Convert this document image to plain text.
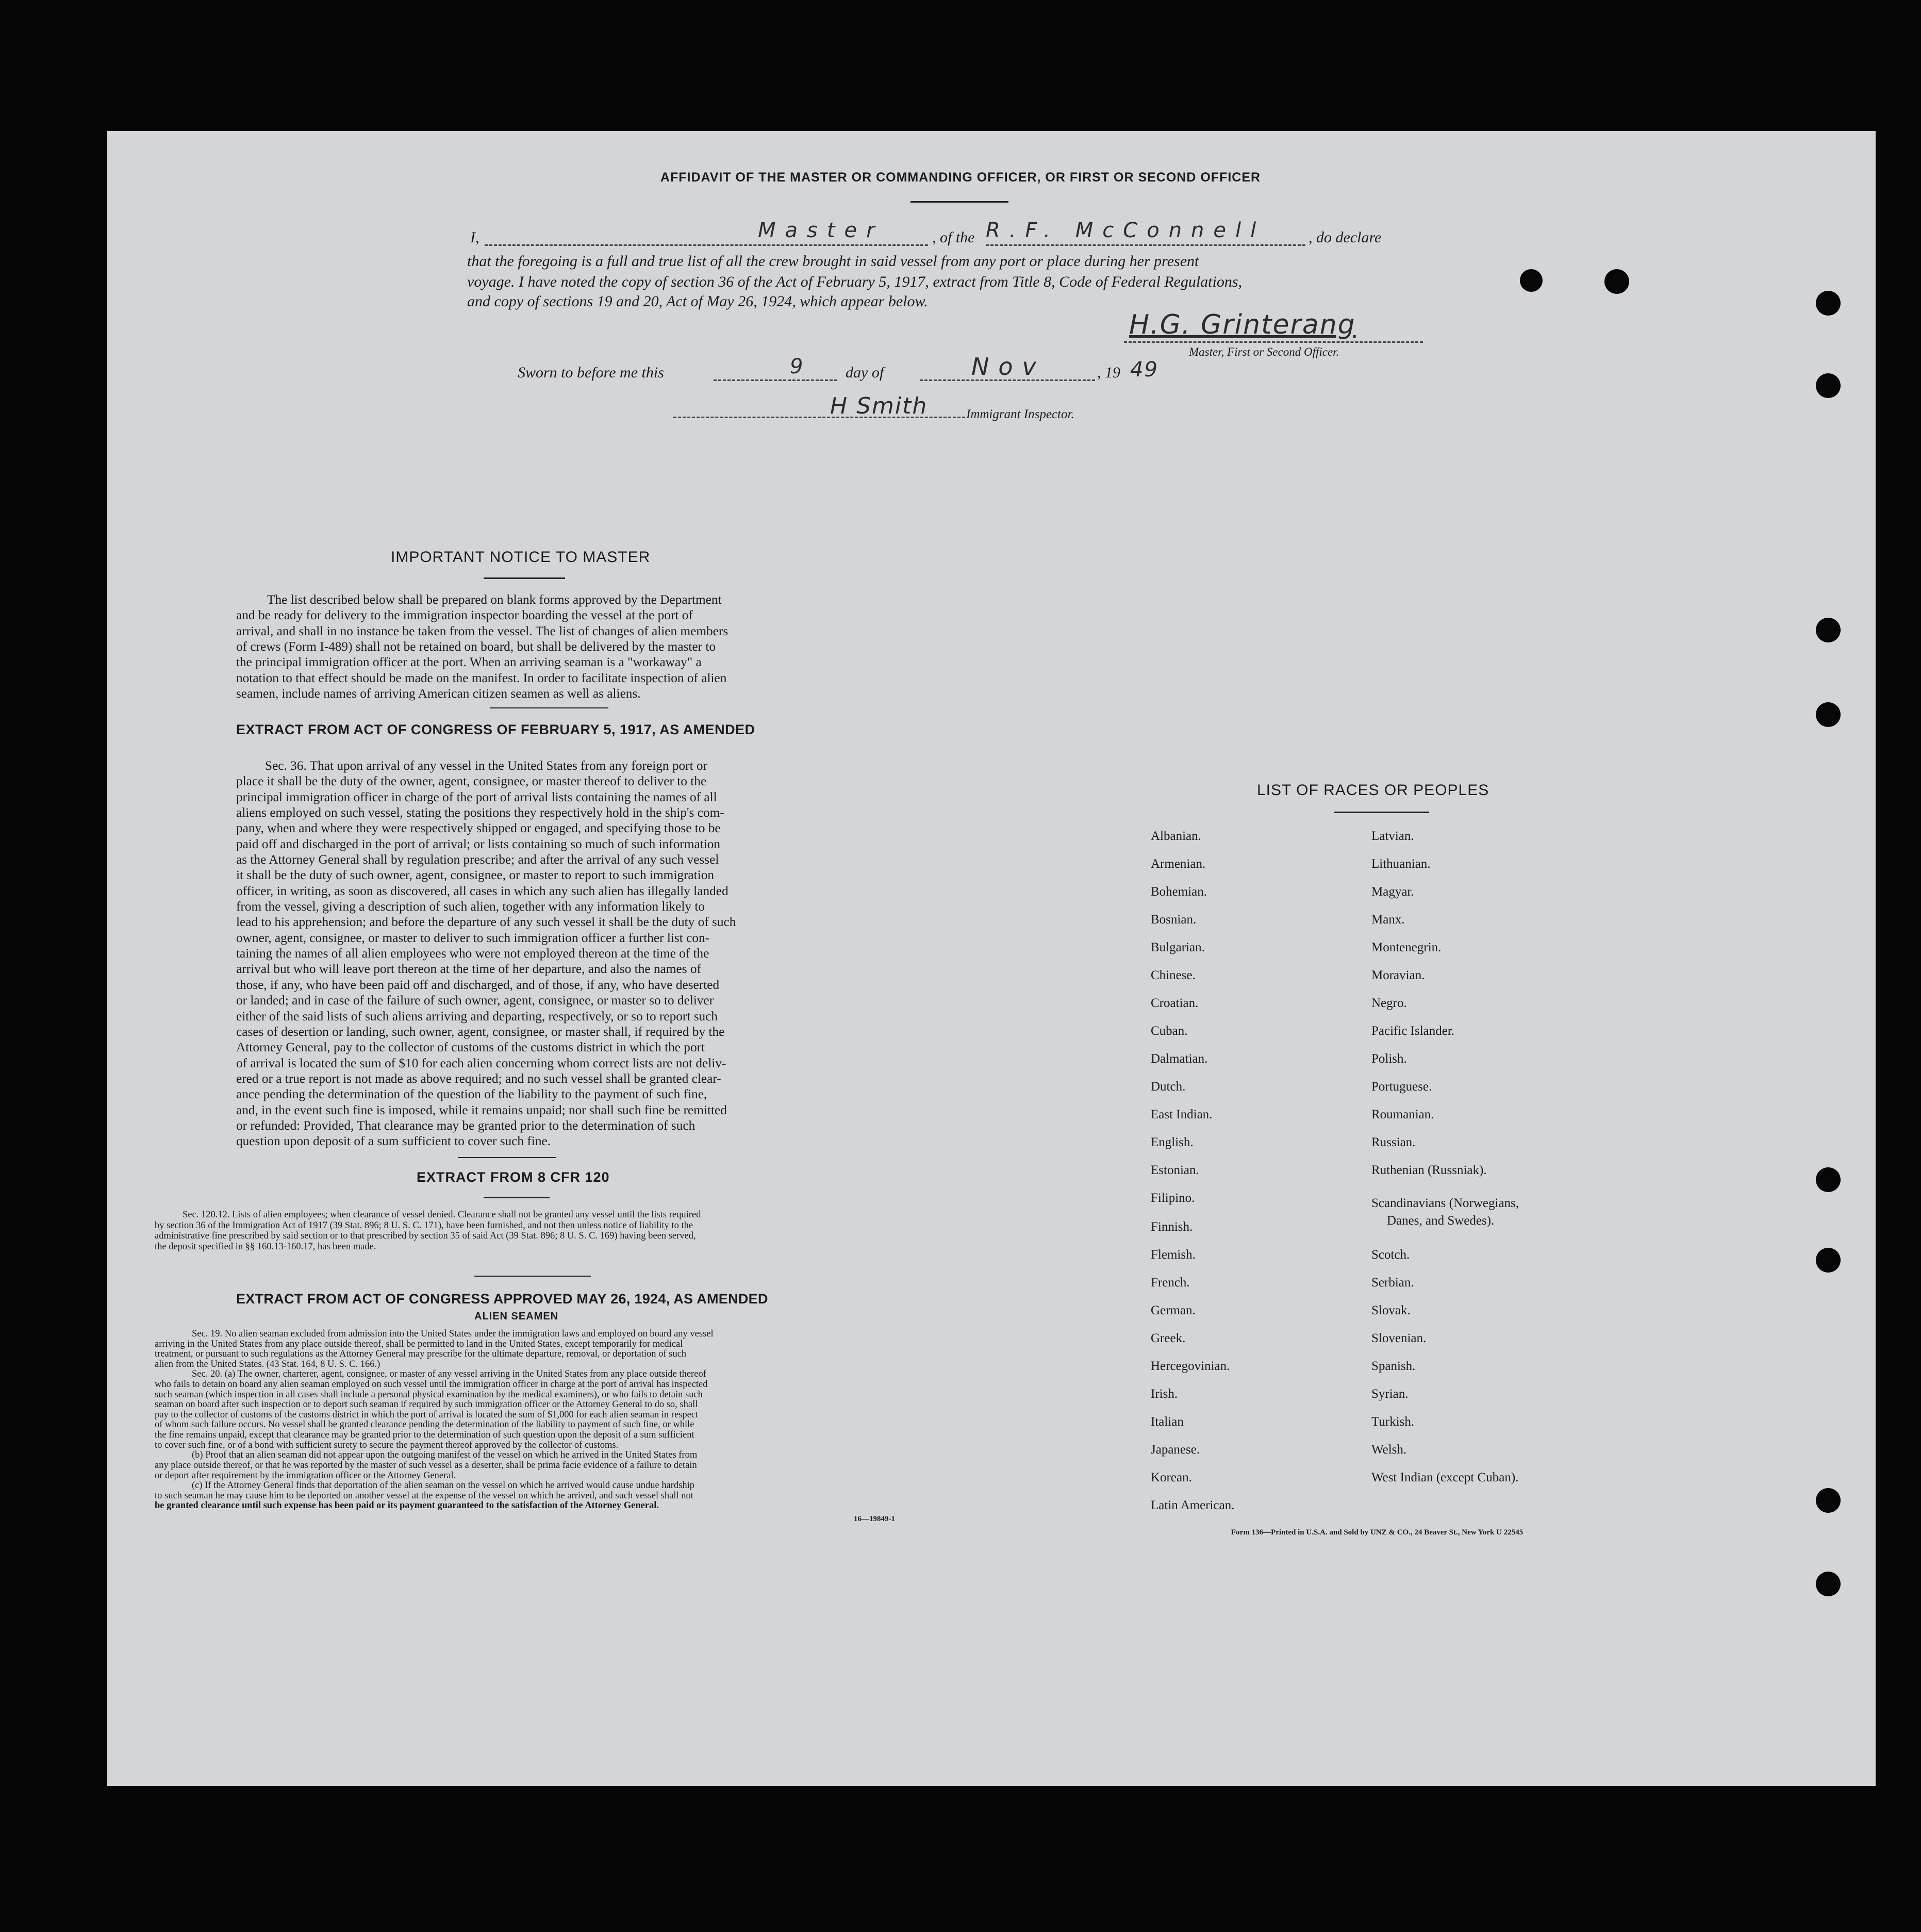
AFFIDAVIT OF THE MASTER OR COMMANDING OFFICER, OR FIRST OR SECOND OFFICER
I,	Master	, of the R.F. McConnell	, do declare
that the foregoing is a full and true list of all the crew brought in said vessel from any port or place during her present
voyage. I have noted the copy of section 36 of the Act of February 5, 1917, extract from Title 8, Code of Federal Regulations,
and copy of sections 19 and 20, Act of May 26, 1924, which appear below.
H.G. Grinterang
Master, First or Second Officer.
Sworn to before me this	9 day of	Nov	, 19 49
H Smith	Immigrant Inspector.
IMPORTANT NOTICE TO MASTER
The list described below shall be prepared on blank forms approved by the Department
and be ready for delivery to the immigration inspector boarding the vessel at the port of
arrival, and shall in no instance be taken from the vessel. The list of changes of alien members
of crews (Form I-489) shall not be retained on board, but shall be delivered by the master to
the principal immigration officer at the port. When an arriving seaman is a "workaway" a
notation to that effect should be made on the manifest. In order to facilitate inspection of alien
seamen, include names of arriving American citizen seamen as well as aliens.
EXTRACT FROM ACT OF CONGRESS OF FEBRUARY 5, 1917, AS AMENDED
Sec. 36. That upon arrival of any vessel in the United States from any foreign port or
place it shall be the duty of the owner, agent, consignee, or master thereof to deliver to the
principal immigration officer in charge of the port of arrival lists containing the names of all
aliens employed on such vessel, stating the positions they respectively hold in the ship's com-
pany, when and where they were respectively shipped or engaged, and specifying those to be
paid off and discharged in the port of arrival; or lists containing so much of such information
as the Attorney General shall by regulation prescribe; and after the arrival of any such vessel
it shall be the duty of such owner, agent, consignee, or master to report to such immigration
officer, in writing, as soon as discovered, all cases in which any such alien has illegally landed
from the vessel, giving a description of such alien, together with any information likely to
lead to his apprehension; and before the departure of any such vessel it shall be the duty of such
owner, agent, consignee, or master to deliver to such immigration officer a further list con-
taining the names of all alien employees who were not employed thereon at the time of the
arrival but who will leave port thereon at the time of her departure, and also the names of
those, if any, who have been paid off and discharged, and of those, if any, who have deserted
or landed; and in case of the failure of such owner, agent, consignee, or master so to deliver
either of the said lists of such aliens arriving and departing, respectively, or so to report such
cases of desertion or landing, such owner, agent, consignee, or master shall, if required by the
Attorney General, pay to the collector of customs of the customs district in which the port
of arrival is located the sum of $10 for each alien concerning whom correct lists are not deliv-
ered or a true report is not made as above required; and no such vessel shall be granted clear-
ance pending the determination of the question of the liability to the payment of such fine,
and, in the event such fine is imposed, while it remains unpaid; nor shall such fine be remitted
or refunded: Provided, That clearance may be granted prior to the determination of such
question upon deposit of a sum sufficient to cover such fine.
EXTRACT FROM 8 CFR 120
Sec. 120.12. Lists of alien employees; when clearance of vessel denied. Clearance shall not be granted any vessel until the lists required
by section 36 of the Immigration Act of 1917 (39 Stat. 896; 8 U. S. C. 171), have been furnished, and not then unless notice of liability to the
administrative fine prescribed by said section or to that prescribed by section 35 of said Act (39 Stat. 896; 8 U. S. C. 169) having been served,
the deposit specified in §§ 160.13-160.17, has been made.
EXTRACT FROM ACT OF CONGRESS APPROVED MAY 26, 1924, AS AMENDED
ALIEN SEAMEN
Sec. 19. No alien seaman excluded from admission into the United States under the immigration laws and employed on board any vessel
arriving in the United States from any place outside thereof, shall be permitted to land in the United States, except temporarily for medical
treatment, or pursuant to such regulations as the Attorney General may prescribe for the ultimate departure, removal, or deportation of such
alien from the United States. (43 Stat. 164, 8 U. S. C. 166.)
Sec. 20. (a) The owner, charterer, agent, consignee, or master of any vessel arriving in the United States from any place outside thereof
who fails to detain on board any alien seaman employed on such vessel until the immigration officer in charge at the port of arrival has inspected
such seaman (which inspection in all cases shall include a personal physical examination by the medical examiners), or who fails to detain such
seaman on board after such inspection or to deport such seaman if required by such immigration officer or the Attorney General to do so, shall
pay to the collector of customs of the customs district in which the port of arrival is located the sum of $1,000 for each alien seaman in respect
of whom such failure occurs. No vessel shall be granted clearance pending the determination of the liability to payment of such fine, or while
the fine remains unpaid, except that clearance may be granted prior to the determination of such question upon the deposit of a sum sufficient
to cover such fine, or of a bond with sufficient surety to secure the payment thereof approved by the collector of customs.
(b) Proof that an alien seaman did not appear upon the outgoing manifest of the vessel on which he arrived in the United States from
any place outside thereof, or that he was reported by the master of such vessel as a deserter, shall be prima facie evidence of a failure to detain
or deport after requirement by the immigration officer or the Attorney General.
(c) If the Attorney General finds that deportation of the alien seaman on the vessel on which he arrived would cause undue hardship
to such seaman he may cause him to be deported on another vessel at the expense of the vessel on which he arrived, and such vessel shall not
be granted clearance until such expense has been paid or its payment guaranteed to the satisfaction of the Attorney General.
16—19849-1
LIST OF RACES OR PEOPLES
Albanian.
Armenian.
Bohemian.
Bosnian.
Bulgarian.
Chinese.
Croatian.
Cuban.
Dalmatian.
Dutch.
East Indian.
English.
Estonian.
Filipino.
Finnish.
Flemish.
French.
German.
Greek.
Hercegovinian.
Irish.
Italian
Japanese.
Korean.
Latin American.
Latvian.
Lithuanian.
Magyar.
Manx.
Montenegrin.
Moravian.
Negro.
Pacific Islander.
Polish.
Portuguese.
Roumanian.
Russian.
Ruthenian (Russniak).
Scandinavians (Norwegians,
Danes, and Swedes).
Scotch.
Serbian.
Slovak.
Slovenian.
Spanish.
Syrian.
Turkish.
Welsh.
West Indian (except Cuban).
Form 136—Printed in U.S.A. and Sold by UNZ & CO., 24 Beaver St., New York U 22545
